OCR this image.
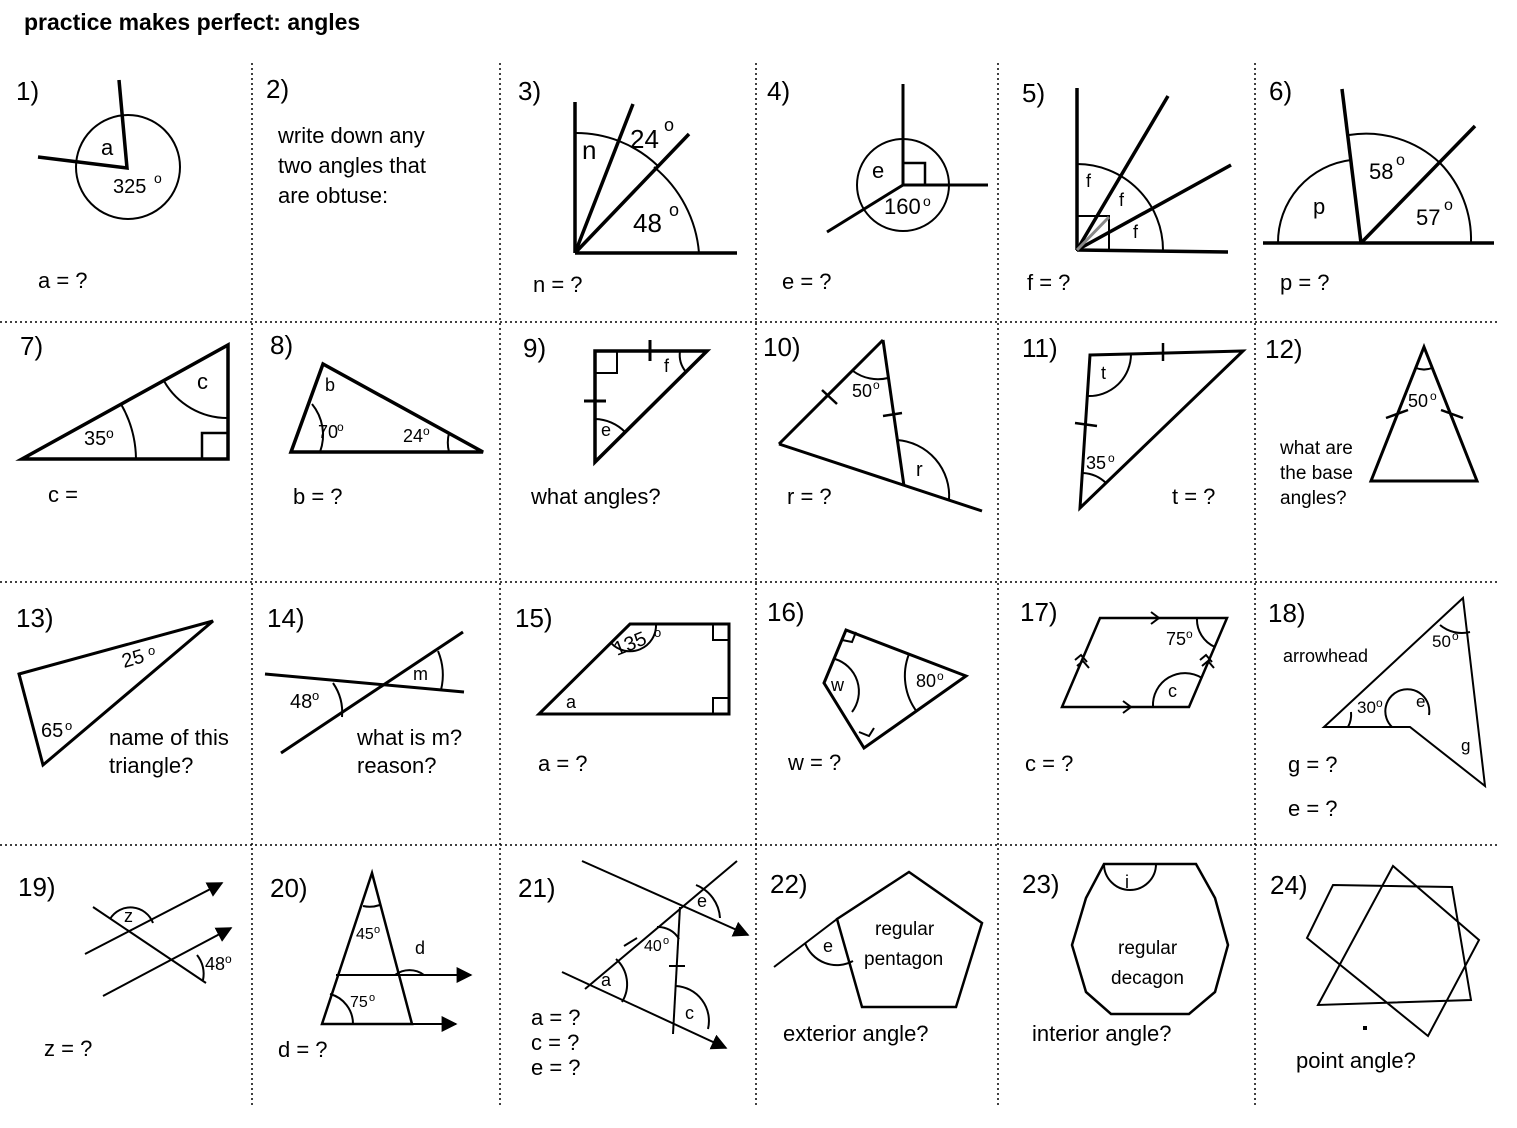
practice makes perfect: angles
1)
a
325 o
a = ?
2)
write down any
two angles that
are obtuse:
3)
n 24 o
48 o
n = ?
4)
e
160 o
e = ?
5)
f
f
f
f = ?
6)
p
58 o
57 o
p = ?
7)
c
35 o
c =
8)
b
70
o	24 o
b = ?
9)
f
e
what angles?
10)
50 o
r
r = ?
11)
t
35 o
t = ?
12)
50 o
what are
the base
angles?
13)
25 o
65 o name of this
triangle?
14)
48 o
m
what is m?
reason?
15)
135 o
a
a = ?
16)
w	80 o
w = ?
17)
75 o
c
c = ?
18)
arrowhead
50 o
30 o e
g
g = ?
e = ?
19)
z
48 o
z = ?
20)
45 o
d
75 o
d = ?
21)	e
40 o
a
c
a = ?
c = ?
e = ?
22)
e
regular
pentagon
exterior angle?
23)	i
regular
decagon
interior angle?
24)
point angle?
